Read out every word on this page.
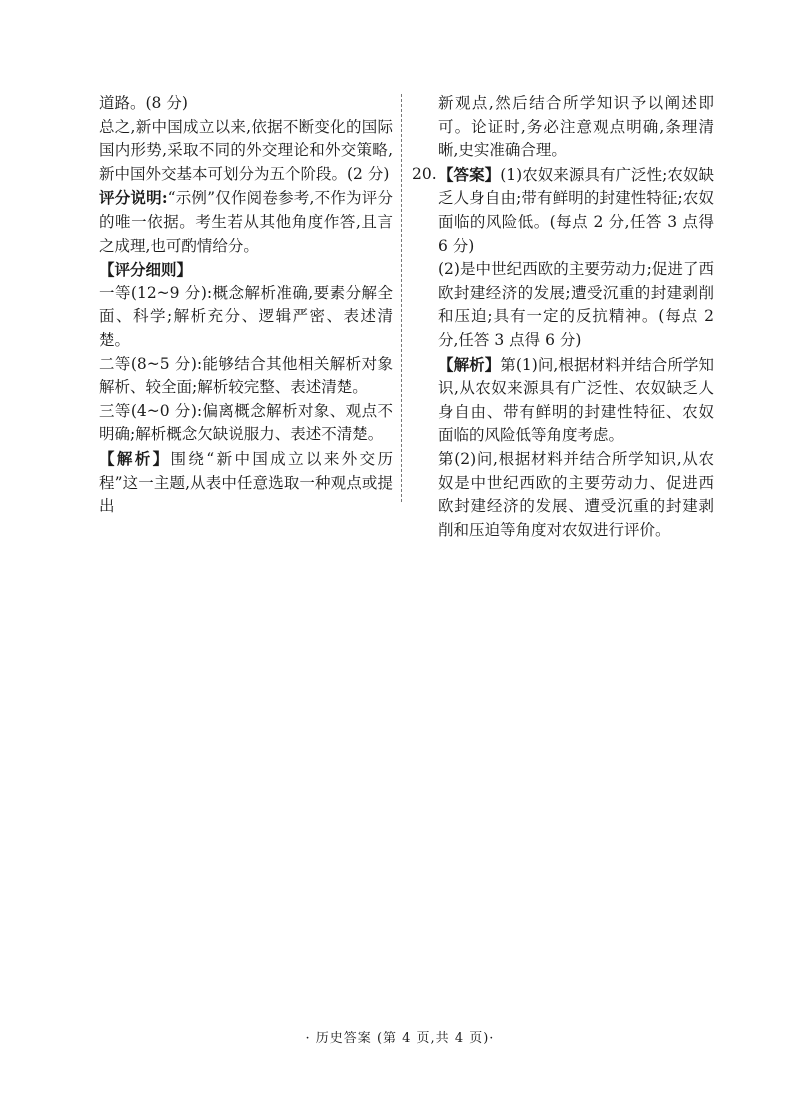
道路。(8 分)

总之,新中国成立以来,依据不断变化的国际国内形势,采取不同的外交理论和外交策略,新中国外交基本可划分为五个阶段。(2 分)

评分说明:“示例”仅作阅卷参考,不作为评分的唯一依据。考生若从其他角度作答,且言之成理,也可酌情给分。

【评分细则】

一等(12~9 分):概念解析准确,要素分解全面、科学;解析充分、逻辑严密、表述清楚。

二等(8~5 分):能够结合其他相关解析对象解析、较全面;解析较完整、表述清楚。

三等(4~0 分):偏离概念解析对象、观点不明确;解析概念欠缺说服力、表述不清楚。

【解析】围绕“新中国成立以来外交历程”这一主题,从表中任意选取一种观点或提出

新观点,然后结合所学知识予以阐述即可。论证时,务必注意观点明确,条理清晰,史实准确合理。

20. 【答案】(1)农奴来源具有广泛性;农奴缺乏人身自由;带有鲜明的封建性特征;农奴面临的风险低。(每点 2 分,任答 3 点得 6 分)

(2)是中世纪西欧的主要劳动力;促进了西欧封建经济的发展;遭受沉重的封建剥削和压迫;具有一定的反抗精神。(每点 2 分,任答 3 点得 6 分)

【解析】第(1)问,根据材料并结合所学知识,从农奴来源具有广泛性、农奴缺乏人身自由、带有鲜明的封建性特征、农奴面临的风险低等角度考虑。

第(2)问,根据材料并结合所学知识,从农奴是中世纪西欧的主要劳动力、促进西欧封建经济的发展、遭受沉重的封建剥削和压迫等角度对农奴进行评价。

· 历史答案 (第 4 页,共 4 页)·
